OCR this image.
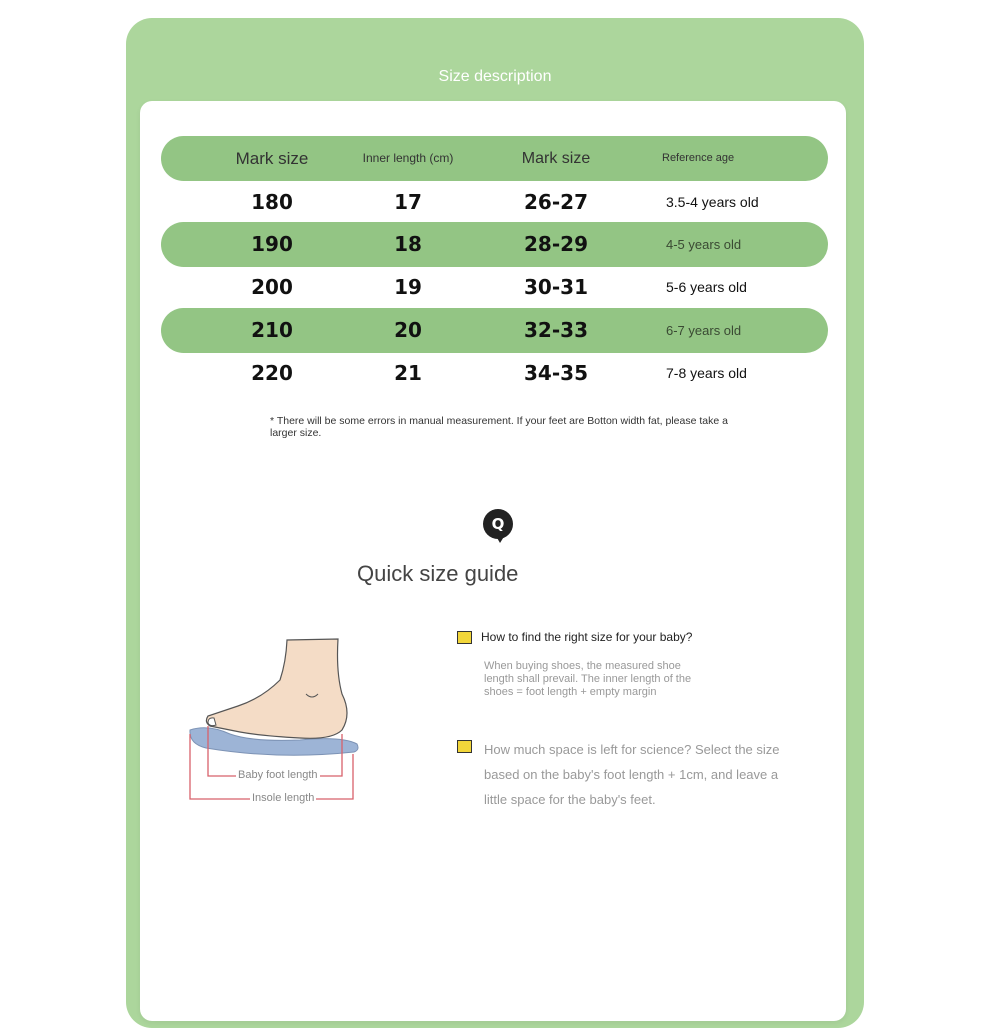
Size description
Mark size	Inner length (cm)	Mark size	Reference age
180	17	26-27	3.5-4 years old
190	18	28-29	4-5 years old
200	19	30-31	5-6 years old
210	20	32-33	6-7 years old
220	21	34-35	7-8 years old
* There will be some errors in manual measurement. If your feet are Botton width fat, please take a larger size.
Q
Quick size guide
Baby foot length
Insole length
How to find the right size for your baby?
When buying shoes, the measured shoe length shall prevail. The inner length of the shoes = foot length + empty margin
How much space is left for science? Select the size based on the baby's foot length + 1cm, and leave a little space for the baby's feet.
